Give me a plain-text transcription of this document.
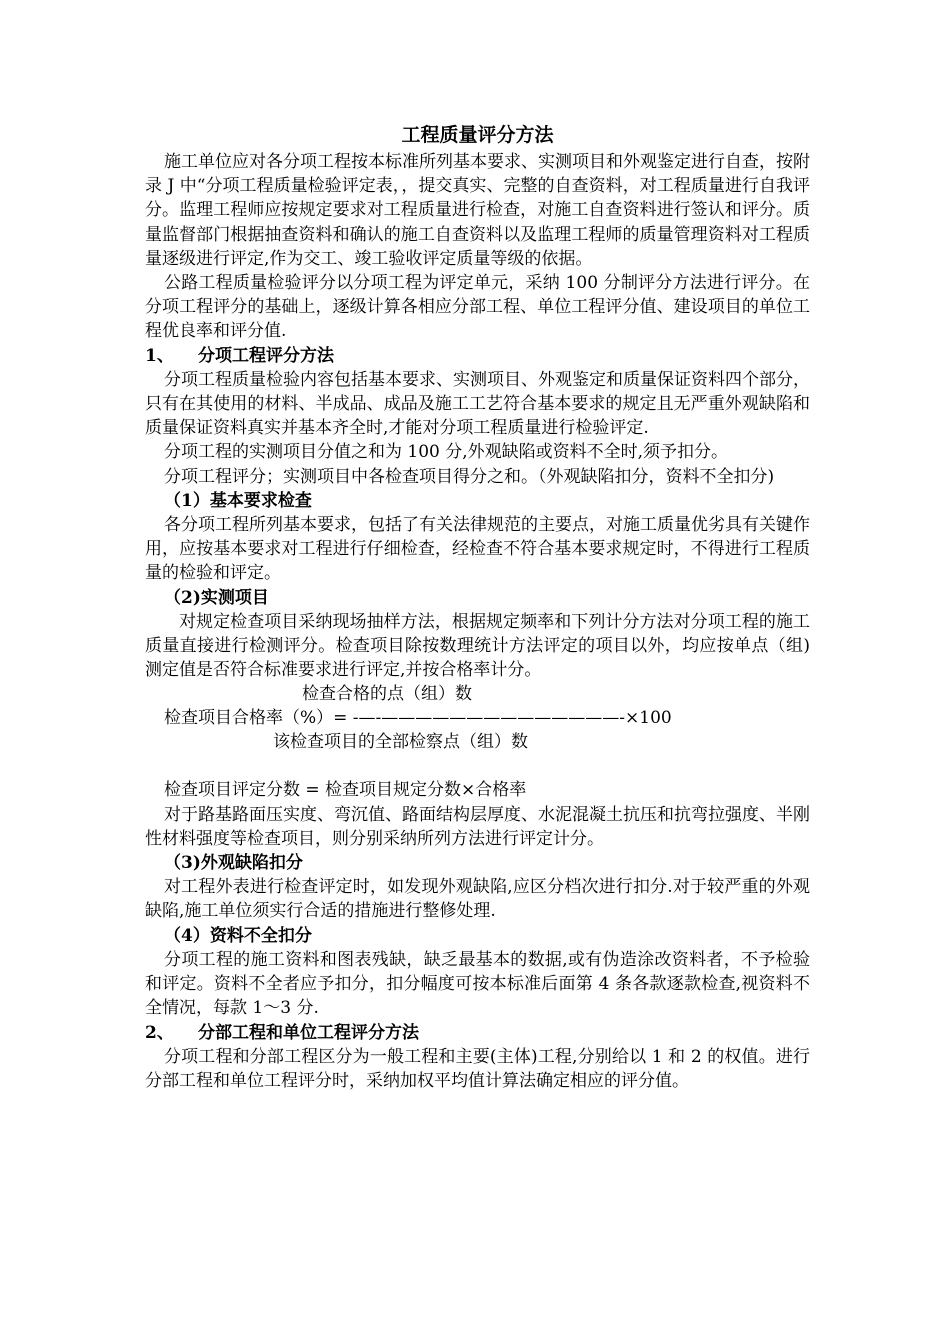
工程质量评分方法

施工单位应对各分项工程按本标准所列基本要求、实测项目和外观鉴定进行自查，按附录 J 中“分项工程质量检验评定表，，提交真实、完整的自查资料，对工程质量进行自我评分。监理工程师应按规定要求对工程质量进行检查，对施工自查资料进行签认和评分。质量监督部门根据抽查资料和确认的施工自查资料以及监理工程师的质量管理资料对工程质量逐级进行评定,作为交工、竣工验收评定质量等级的依据。

公路工程质量检验评分以分项工程为评定单元，采纳 100 分制评分方法进行评分。在分项工程评分的基础上，逐级计算各相应分部工程、单位工程评分值、建设项目的单位工程优良率和评分值.

1、 分项工程评分方法

分项工程质量检验内容包括基本要求、实测项目、外观鉴定和质量保证资料四个部分，只有在其使用的材料、半成品、成品及施工工艺符合基本要求的规定且无严重外观缺陷和质量保证资料真实并基本齐全时,才能对分项工程质量进行检验评定.

分项工程的实测项目分值之和为 100 分,外观缺陷或资料不全时,须予扣分。

分项工程评分；实测项目中各检查项目得分之和。（外观缺陷扣分，资料不全扣分)

（1）基本要求检查

各分项工程所列基本要求，包括了有关法律规范的主要点，对施工质量优劣具有关键作用，应按基本要求对工程进行仔细检查，经检查不符合基本要求规定时，不得进行工程质量的检验和评定。

（2)实测项目

对规定检查项目采纳现场抽样方法，根据规定频率和下列计分方法对分项工程的施工质量直接进行检测评分。检查项目除按数理统计方法评定的项目以外，均应按单点（组)测定值是否符合标准要求进行评定,并按合格率计分。

检查合格的点（组）数
检查项目合格率（%）= -—-——————————————-×100
该检查项目的全部检察点（组）数

检查项目评定分数 = 检查项目规定分数×合格率

对于路基路面压实度、弯沉值、路面结构层厚度、水泥混凝土抗压和抗弯拉强度、半刚性材料强度等检查项目，则分别采纳所列方法进行评定计分。

（3)外观缺陷扣分

对工程外表进行检查评定时，如发现外观缺陷,应区分档次进行扣分.对于较严重的外观缺陷,施工单位须实行合适的措施进行整修处理.

（4）资料不全扣分

分项工程的施工资料和图表残缺，缺乏最基本的数据,或有伪造涂改资料者，不予检验和评定。资料不全者应予扣分，扣分幅度可按本标准后面第 4 条各款逐款检查,视资料不全情况，每款 1～3 分.

2、 分部工程和单位工程评分方法

分项工程和分部工程区分为一般工程和主要(主体)工程,分别给以 1 和 2 的权值。进行分部工程和单位工程评分时，采纳加权平均值计算法确定相应的评分值。
